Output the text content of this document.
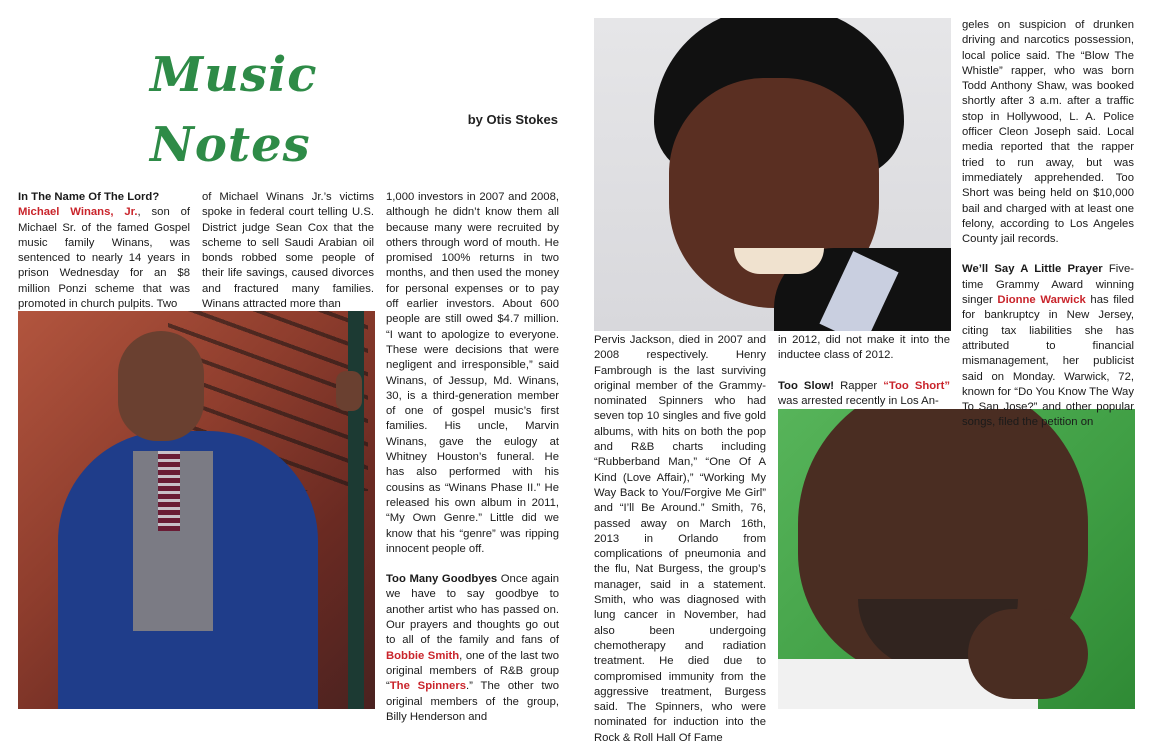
Music Notes	by Otis Stokes

In The Name Of The Lord?
Michael Winans, Jr., son of Michael Sr. of the famed Gospel music family Winans, was sentenced to nearly 14 years in prison Wednesday for an $8 million Ponzi scheme that was promoted in church pulpits. Two

of Michael Winans Jr.’s victims spoke in federal court telling U.S. District judge Sean Cox that the scheme to sell Saudi Arabian oil bonds robbed some people of their life savings, caused divorces and fractured many families. Winans attracted more than

1,000 investors in 2007 and 2008, although he didn’t know them all because many were recruited by others through word of mouth. He promised 100% returns in two months, and then used the money for personal expenses or to pay off earlier investors. About 600 people are still owed $4.7 million. “I want to apologize to everyone. These were decisions that were negligent and irresponsible,” said Winans, of Jessup, Md. Winans, 30, is a third-generation member of one of gospel music’s first families. His uncle, Marvin Winans, gave the eulogy at Whitney Houston’s funeral. He has also performed with his cousins as “Winans Phase II.” He released his own album in 2011, “My Own Genre.” Little did we know that his “genre” was ripping innocent people off.

Too Many Goodbyes Once again we have to say goodbye to another artist who has passed on. Our prayers and thoughts go out to all of the family and fans of Bobbie Smith, one of the last two original members of R&B group “The Spinners.” The other two original members of the group, Billy Henderson and

Pervis Jackson, died in 2007 and 2008 respectively. Henry Fambrough is the last surviving original member of the Grammy-nominated Spinners who had seven top 10 singles and five gold albums, with hits on both the pop and R&B charts including “Rubberband Man,” “One Of A Kind (Love Affair),” “Working My Way Back to You/Forgive Me Girl” and “I’ll Be Around.” Smith, 76, passed away on March 16th, 2013 in Orlando from complications of pneumonia and the flu, Nat Burgess, the group’s manager, said in a statement. Smith, who was diagnosed with lung cancer in November, had also been undergoing chemotherapy and radiation treatment. He died due to compromised immunity from the aggressive treatment, Burgess said. The Spinners, who were nominated for induction into the Rock & Roll Hall Of Fame

in 2012, did not make it into the inductee class of 2012.

Too Slow! Rapper “Too Short” was arrested recently in Los An-

geles on suspicion of drunken driving and narcotics possession, local police said. The “Blow The Whistle” rapper, who was born Todd Anthony Shaw, was booked shortly after 3 a.m. after a traffic stop in Hollywood, L. A. Police officer Cleon Joseph said. Local media reported that the rapper tried to run away, but was immediately apprehended. Too Short was being held on $10,000 bail and charged with at least one felony, according to Los Angeles County jail records.

We’ll Say A Little Prayer Five-time Grammy Award winning singer Dionne Warwick has filed for bankruptcy in New Jersey, citing tax liabilities she has attributed to financial mismanagement, her publicist said on Monday. Warwick, 72, known for “Do You Know The Way To San Jose?” and other popular songs, filed the petition on
